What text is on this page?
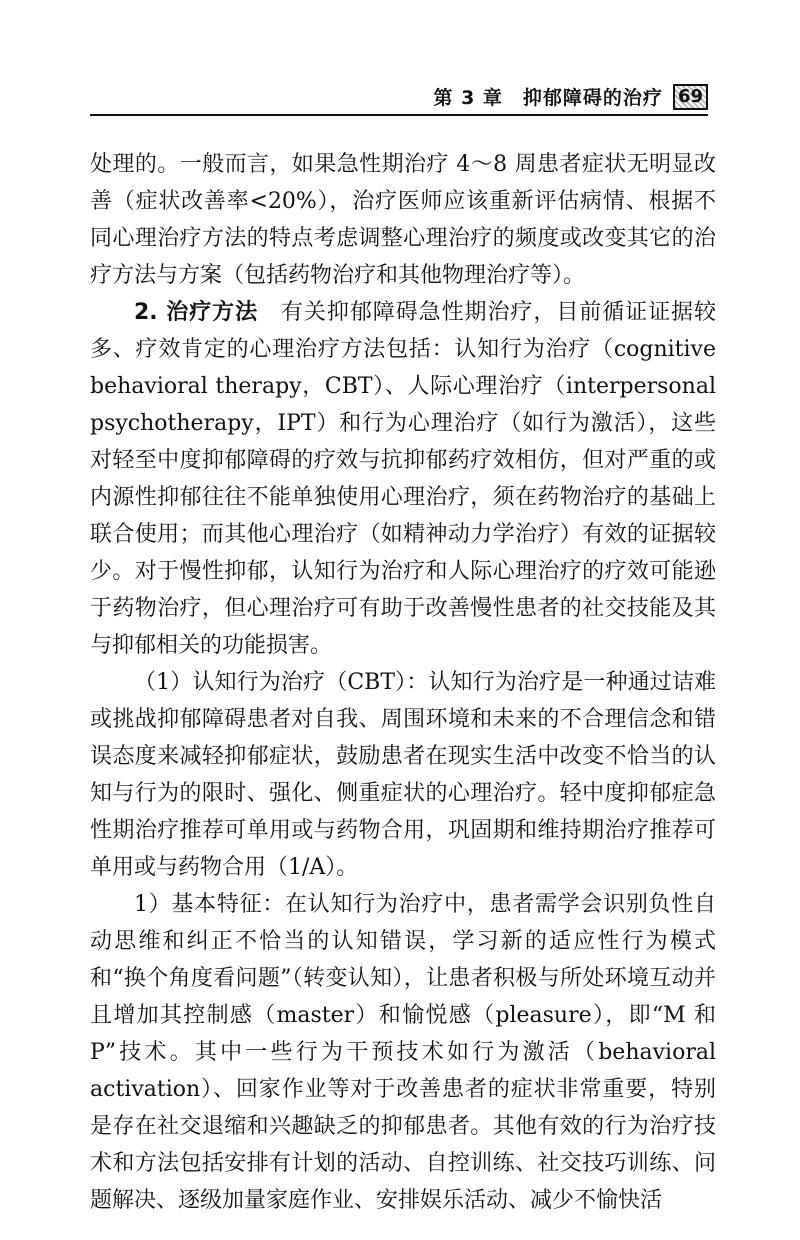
第 3 章　抑郁障碍的治疗 69

处理的。一般而言，如果急性期治疗 4～8 周患者症状无明显改善（症状改善率<20%），治疗医师应该重新评估病情、根据不同心理治疗方法的特点考虑调整心理治疗的频度或改变其它的治疗方法与方案（包括药物治疗和其他物理治疗等）。

2. 治疗方法　有关抑郁障碍急性期治疗，目前循证证据较多、疗效肯定的心理治疗方法包括：认知行为治疗（cognitive behavioral therapy，CBT）、人际心理治疗（interpersonal psychotherapy，IPT）和行为心理治疗（如行为激活），这些对轻至中度抑郁障碍的疗效与抗抑郁药疗效相仿，但对严重的或内源性抑郁往往不能单独使用心理治疗，须在药物治疗的基础上联合使用；而其他心理治疗（如精神动力学治疗）有效的证据较少。对于慢性抑郁，认知行为治疗和人际心理治疗的疗效可能逊于药物治疗，但心理治疗可有助于改善慢性患者的社交技能及其与抑郁相关的功能损害。

（1）认知行为治疗（CBT）：认知行为治疗是一种通过诘难或挑战抑郁障碍患者对自我、周围环境和未来的不合理信念和错误态度来减轻抑郁症状，鼓励患者在现实生活中改变不恰当的认知与行为的限时、强化、侧重症状的心理治疗。轻中度抑郁症急性期治疗推荐可单用或与药物合用，巩固期和维持期治疗推荐可单用或与药物合用（1/A）。

1）基本特征：在认知行为治疗中，患者需学会识别负性自动思维和纠正不恰当的认知错误，学习新的适应性行为模式和“换个角度看问题”（转变认知），让患者积极与所处环境互动并且增加其控制感（master）和愉悦感（pleasure），即“M 和 P”技术。其中一些行为干预技术如行为激活（behavioral activation）、回家作业等对于改善患者的症状非常重要，特别是存在社交退缩和兴趣缺乏的抑郁患者。其他有效的行为治疗技术和方法包括安排有计划的活动、自控训练、社交技巧训练、问题解决、逐级加量家庭作业、安排娱乐活动、减少不愉快活
